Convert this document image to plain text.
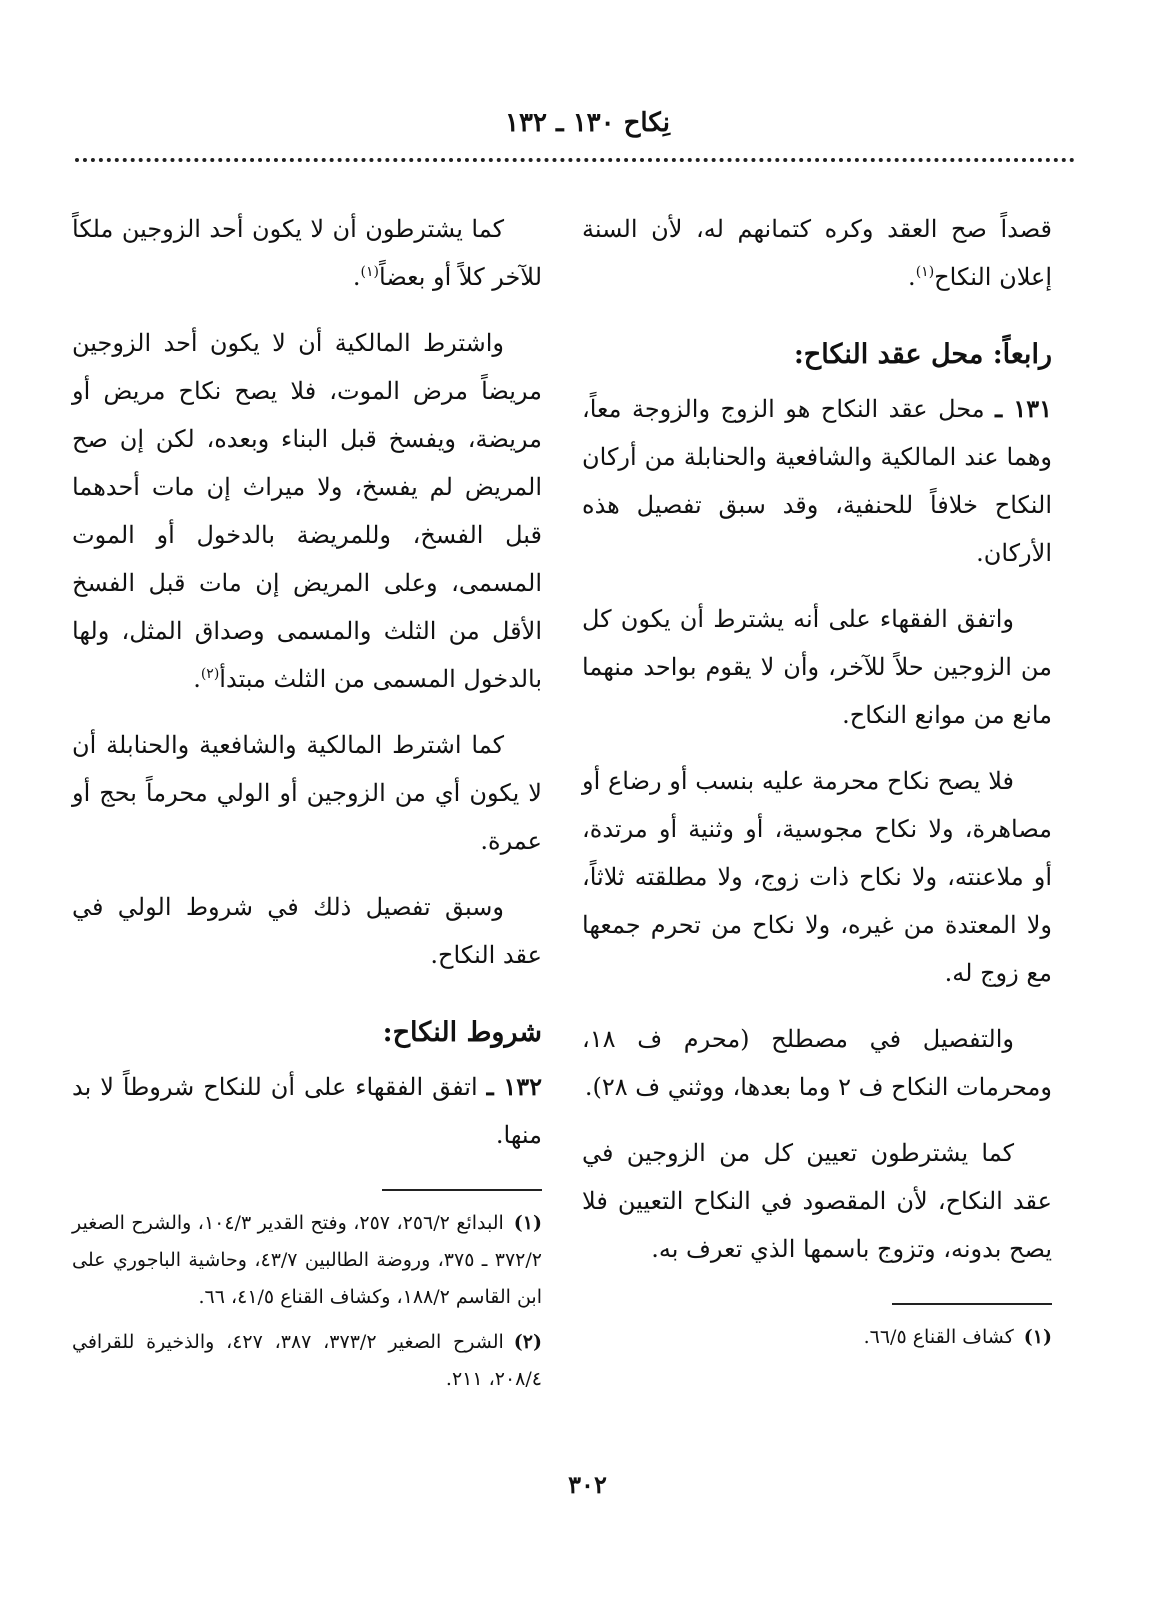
نِكاح ١٣٠ ـ ١٣٢

قصداً صح العقد وكره كتمانهم له، لأن السنة إعلان النكاح$^{(١)}$.

رابعاً: محل عقد النكاح:

١٣١ ـ محل عقد النكاح هو الزوج والزوجة معاً، وهما عند المالكية والشافعية والحنابلة من أركان النكاح خلافاً للحنفية، وقد سبق تفصيل هذه الأركان.

واتفق الفقهاء على أنه يشترط أن يكون كل من الزوجين حلاً للآخر، وأن لا يقوم بواحد منهما مانع من موانع النكاح.

فلا يصح نكاح محرمة عليه بنسب أو رضاع أو مصاهرة، ولا نكاح مجوسية، أو وثنية أو مرتدة، أو ملاعنته، ولا نكاح ذات زوج، ولا مطلقته ثلاثاً، ولا المعتدة من غيره، ولا نكاح من تحرم جمعها مع زوج له.

والتفصيل في مصطلح (محرم ف ١٨، ومحرمات النكاح ف ٢ وما بعدها، ووثني ف ٢٨).

كما يشترطون تعيين كل من الزوجين في عقد النكاح، لأن المقصود في النكاح التعيين فلا يصح بدونه، وتزوج باسمها الذي تعرف به.

(١)كشاف القناع ٦٦/٥.

كما يشترطون أن لا يكون أحد الزوجين ملكاً للآخر كلاً أو بعضاً$^{(١)}$.

واشترط المالكية أن لا يكون أحد الزوجين مريضاً مرض الموت، فلا يصح نكاح مريض أو مريضة، ويفسخ قبل البناء وبعده، لكن إن صح المريض لم يفسخ، ولا ميراث إن مات أحدهما قبل الفسخ، وللمريضة بالدخول أو الموت المسمى، وعلى المريض إن مات قبل الفسخ الأقل من الثلث والمسمى وصداق المثل، ولها بالدخول المسمى من الثلث مبتدأ$^{(٢)}$.

كما اشترط المالكية والشافعية والحنابلة أن لا يكون أي من الزوجين أو الولي محرماً بحج أو عمرة.

وسبق تفصيل ذلك في شروط الولي في عقد النكاح.

شروط النكاح:

١٣٢ ـ اتفق الفقهاء على أن للنكاح شروطاً لا بد منها.

(١)البدائع ٢٥٦/٢، ٢٥٧، وفتح القدير ١٠٤/٣، والشرح الصغير ٣٧٢/٢ ـ ٣٧٥، وروضة الطالبين ٤٣/٧، وحاشية الباجوري على ابن القاسم ١٨٨/٢، وكشاف القناع ٤١/٥، ٦٦.
(٢)الشرح الصغير ٣٧٣/٢، ٣٨٧، ٤٢٧، والذخيرة للقرافي ٢٠٨/٤، ٢١١.
٣٠٢
